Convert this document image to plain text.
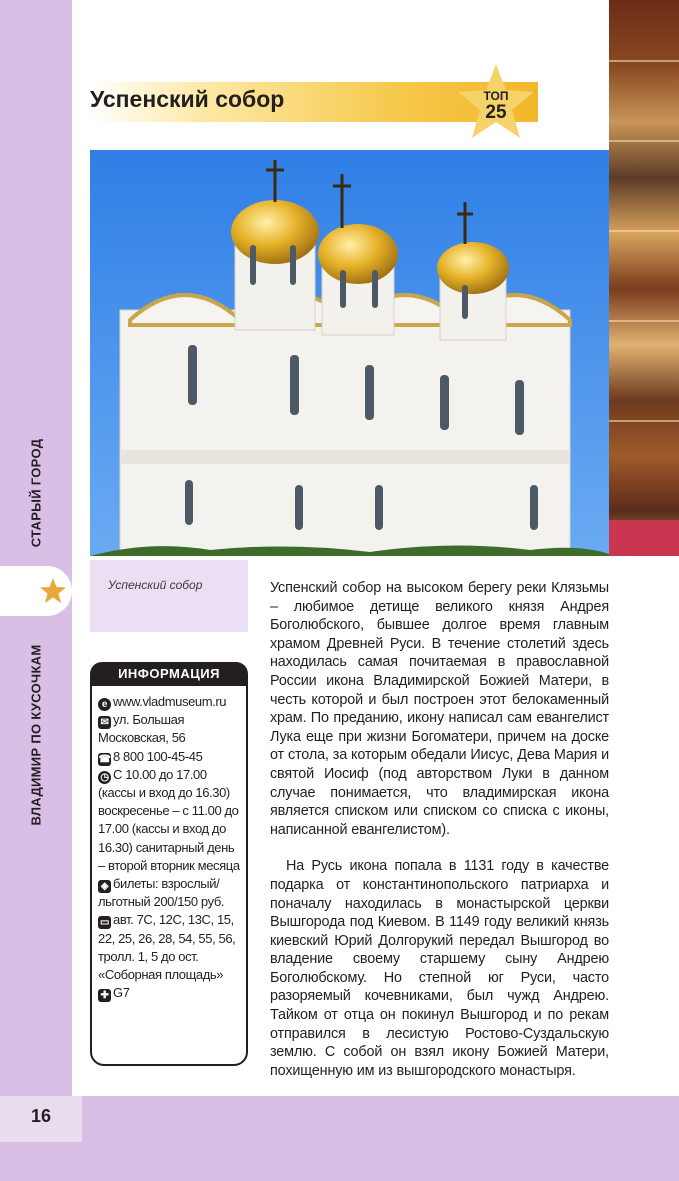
СТАРЫЙ ГОРОД
ВЛАДИМИР ПО КУСОЧКАМ
Успенский собор	ТОП
25
Успенский собор
ИНФОРМАЦИЯ

e www.vladmuseum.ru

✉ ул. Большая Московская, 56

☎ 8 800 100-45-45

◷ С 10.00 до 17.00 (кассы и вход до 16.30) воскресенье – с 11.00 до 17.00 (кассы и вход до 16.30) санитарный день – второй вторник месяца

◈ билеты: взрослый/льготный 200/150 руб.

▭ авт. 7С, 12С, 13С, 15, 22, 25, 26, 28, 54, 55, 56, тролл. 1, 5 до ост. «Соборная площадь»

✚ G7

Успенский собор на высоком берегу реки Клязьмы – любимое детище великого князя Андрея Боголюбского, бывшее долгое время главным храмом Древней Руси. В течение столетий здесь находилась самая почитаемая в православной России икона Владимирской Божией Матери, в честь которой и был построен этот белокаменный храм. По преданию, икону написал сам евангелист Лука еще при жизни Богоматери, причем на доске от стола, за которым обедали Иисус, Дева Мария и святой Иосиф (под авторством Луки в данном случае понимается, что владимирская икона является списком или списком со списка с иконы, написанной евангелистом).

На Русь икона попала в 1131 году в качестве подарка от константинопольского патриарха и поначалу находилась в монастырской церкви Вышгорода под Киевом. В 1149 году великий князь киевский Юрий Долгорукий передал Вышгород во владение своему старшему сыну Андрею Боголюбскому. Но степной юг Руси, часто разоряемый кочевниками, был чужд Андрею. Тайком от отца он покинул Вышгород и по рекам отправился в лесистую Ростово-Суздальскую землю. С собой он взял икону Божией Матери, похищенную им из вышгородского монастыря.

16
